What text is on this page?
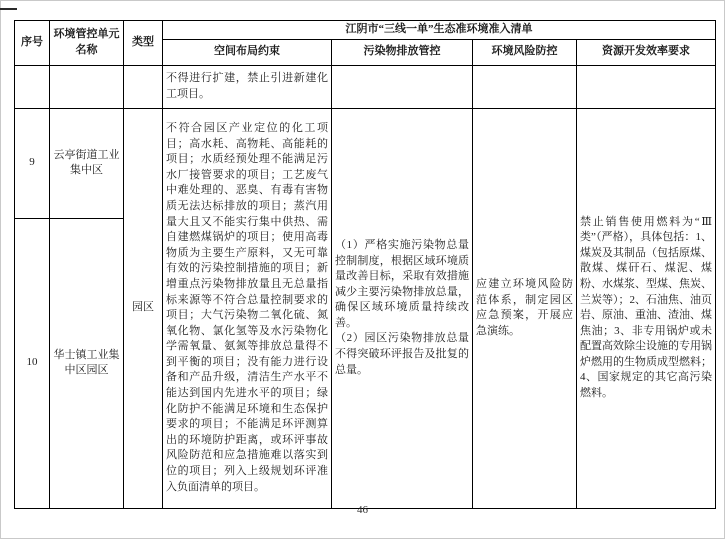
序号	环境管控单元名称	类型	江阴市“三线一单”生态准环境准入清单			
			空间布局约束	污染物排放管控	环境风险防控	资源开发效率要求
			不得进行扩建，禁止引进新建化工项目。			
9	云亭街道工业集中区	园区	不符合园区产业定位的化工项目；高水耗、高物耗、高能耗的项目；水质经预处理不能满足污水厂接管要求的项目；工艺废气中难处理的、恶臭、有毒有害物质无法达标排放的项目；蒸汽用量大且又不能实行集中供热、需自建燃煤锅炉的项目；使用高毒物质为主要生产原料，又无可靠有效的污染控制措施的项目；新增重点污染物排放量且无总量指标来源等不符合总量控制要求的项目；大气污染物二氧化硫、氮氧化物、氯化氢等及水污染物化学需氧量、氨氮等排放总量得不到平衡的项目；没有能力进行设备和产品升级，清洁生产水平不能达到国内先进水平的项目；绿化防护不能满足环境和生态保护要求的项目；不能满足环评测算出的环境防护距离，或环评事故风险防范和应急措施难以落实到位的项目；列入上级规划环评准入负面清单的项目。	（1）严格实施污染物总量控制制度，根据区域环境质量改善目标，采取有效措施减少主要污染物排放总量，确保区域环境质量持续改善。
（2）园区污染物排放总量不得突破环评报告及批复的总量。	应建立环境风险防范体系，制定园区应急预案，开展应急演练。	禁止销售使用燃料为“Ⅲ类”（严格），具体包括：1、煤炭及其制品（包括原煤、散煤、煤矸石、煤泥、煤粉、水煤浆、型煤、焦炭、兰炭等）；2、石油焦、油页岩、原油、重油、渣油、煤焦油；3、非专用锅炉或未配置高效除尘设施的专用锅炉燃用的生物质成型燃料；4、国家规定的其它高污染燃料。
10	华士镇工业集中区园区					
46
